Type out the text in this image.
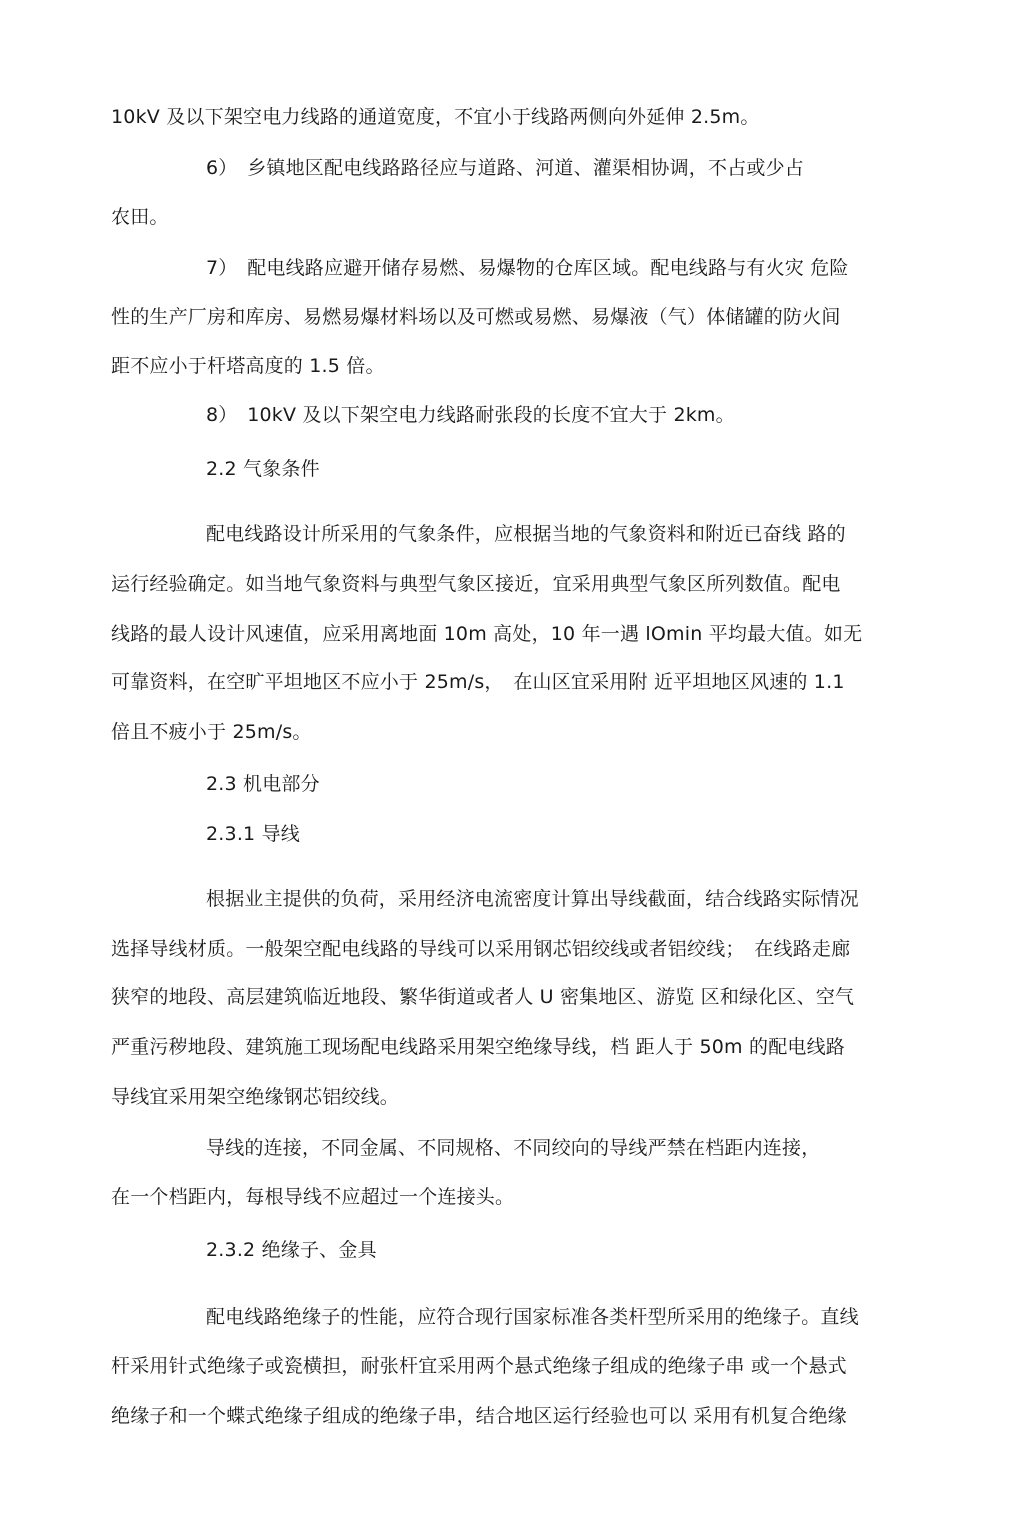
10kV 及以下架空电力线路的通道宽度，不宜小于线路两侧向外延伸 2.5m。
6）　乡镇地区配电线路路径应与道路、河道、灌渠相协调，不占或少占
农田。
7）　配电线路应避开储存易燃、易爆物的仓库区域。配电线路与有火灾 危险
性的生产厂房和库房、易燃易爆材料场以及可燃或易燃、易爆液（气）体储罐的防火间
距不应小于杆塔高度的 1.5 倍。
8）　10kV 及以下架空电力线路耐张段的长度不宜大于 2km。
2.2 气象条件
配电线路设计所采用的气象条件，应根据当地的气象资料和附近已奋线 路的
运行经验确定。如当地气象资料与典型气象区接近，宜采用典型气象区所列数值。配电
线路的最人设计风速值，应采用离地面 10m 高处，10 年一遇 lOmin 平均最大值。如无
可靠资料，在空旷平坦地区不应小于 25m/s，　在山区宜采用附 近平坦地区风速的 1.1
倍且不疲小于 25m/s。
2.3 机电部分
2.3.1 导线
根据业主提供的负荷，采用经济电流密度计算出导线截面，结合线路实际情况
选择导线材质。一般架空配电线路的导线可以采用钢芯铝绞线或者铝绞线；　在线路走廊
狭窄的地段、高层建筑临近地段、繁华街道或者人 U 密集地区、游览 区和绿化区、空气
严重污秽地段、建筑施工现场配电线路采用架空绝缘导线，档 距人于 50m 的配电线路
导线宜采用架空绝缘钢芯铝绞线。
导线的连接，不同金属、不同规格、不同绞向的导线严禁在档距内连接，
在一个档距内，每根导线不应超过一个连接头。
2.3.2 绝缘子、金具
配电线路绝缘子的性能，应符合现行国家标准各类杆型所采用的绝缘子。直线
杆采用针式绝缘子或瓷横担，耐张杆宜采用两个悬式绝缘子组成的绝缘子串 或一个悬式
绝缘子和一个蝶式绝缘子组成的绝缘子串，结合地区运行经验也可以 采用有机复合绝缘
